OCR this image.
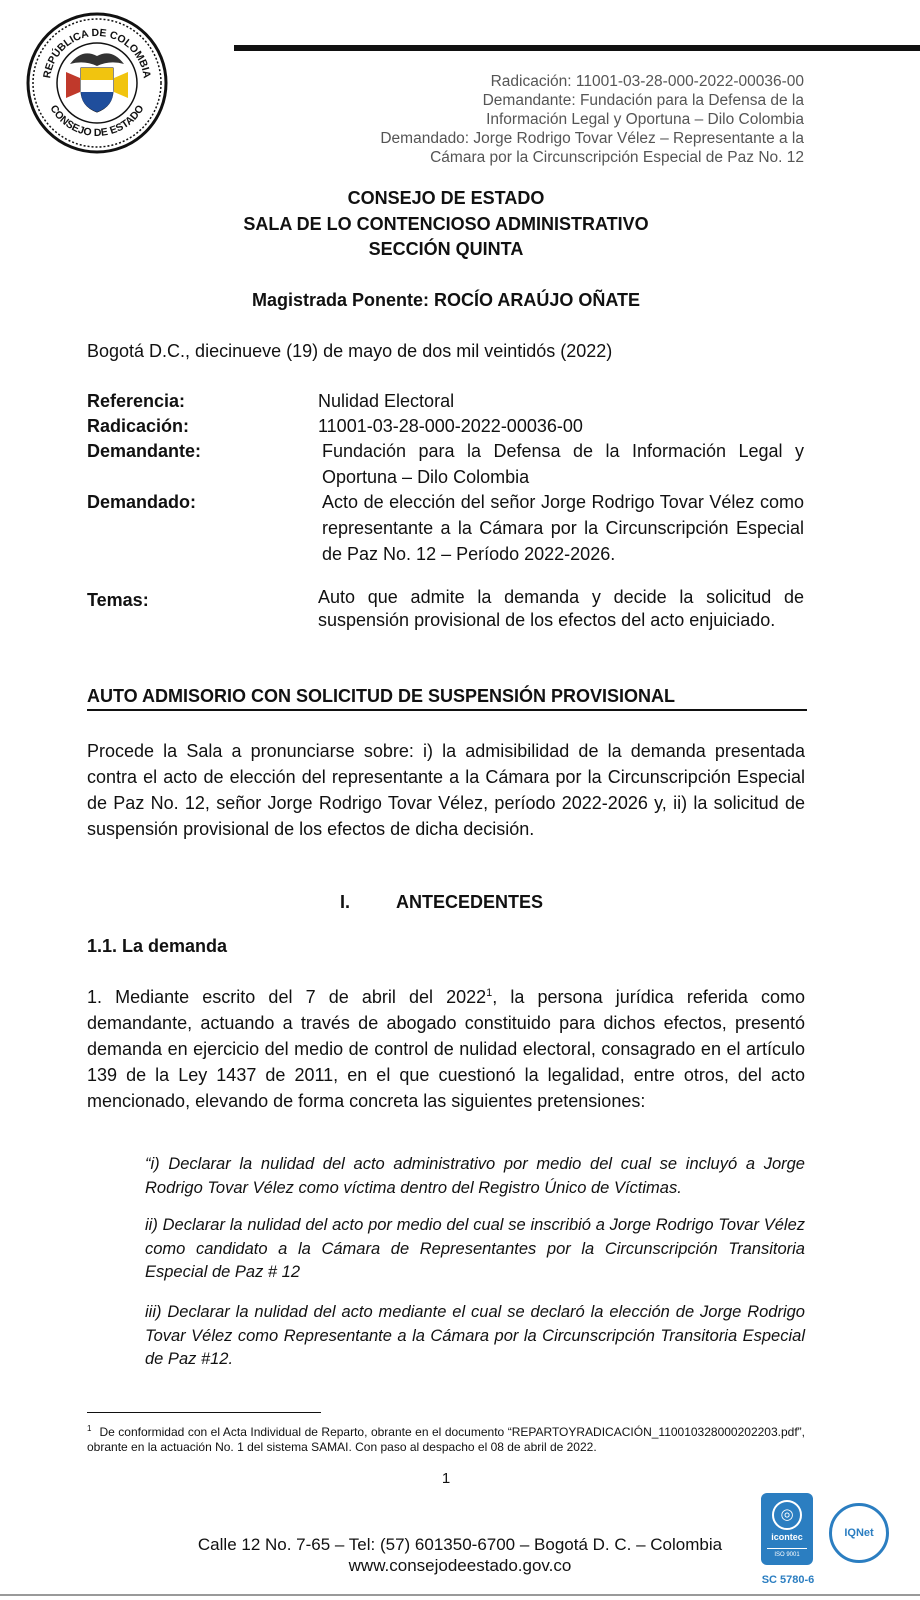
REPÚBLICA DE COLOMBIA
CONSEJO DE ESTADO
Radicación: 11001-03-28-000-2022-00036-00
Demandante: Fundación para la Defensa de la
Información Legal y Oportuna – Dilo Colombia
Demandado: Jorge Rodrigo Tovar Vélez – Representante a la
Cámara por la Circunscripción Especial de Paz No. 12
CONSEJO DE ESTADO
SALA DE LO CONTENCIOSO ADMINISTRATIVO
SECCIÓN QUINTA
Magistrada Ponente: ROCÍO ARAÚJO OÑATE
Bogotá D.C., diecinueve (19) de mayo de dos mil veintidós (2022)
Referencia:	Nulidad Electoral
Radicación:	11001-03-28-000-2022-00036-00
Demandante:	Fundación para la Defensa de la Información Legal y Oportuna – Dilo Colombia
Demandado:	Acto de elección del señor Jorge Rodrigo Tovar Vélez como representante a la Cámara por la Circunscripción Especial de Paz No. 12 – Período 2022-2026.
Temas:	Auto que admite la demanda y decide la solicitud de suspensión provisional de los efectos del acto enjuiciado.
AUTO ADMISORIO CON SOLICITUD DE SUSPENSIÓN PROVISIONAL
Procede la Sala a pronunciarse sobre: i) la admisibilidad de la demanda presentada contra el acto de elección del representante a la Cámara por la Circunscripción Especial de Paz No. 12, señor Jorge Rodrigo Tovar Vélez, período 2022-2026 y, ii) la solicitud de suspensión provisional de los efectos de dicha decisión.
I.	ANTECEDENTES
1.1. La demanda
1. Mediante escrito del 7 de abril del 2022$^1$, la persona jurídica referida como demandante, actuando a través de abogado constituido para dichos efectos, presentó demanda en ejercicio del medio de control de nulidad electoral, consagrado en el artículo 139 de la Ley 1437 de 2011, en el que cuestionó la legalidad, entre otros, del acto mencionado, elevando de forma concreta las siguientes pretensiones:
“i) Declarar la nulidad del acto administrativo por medio del cual se incluyó a Jorge Rodrigo Tovar Vélez como víctima dentro del Registro Único de Víctimas.
ii) Declarar la nulidad del acto por medio del cual se inscribió a Jorge Rodrigo Tovar Vélez como candidato a la Cámara de Representantes por la Circunscripción Transitoria Especial de Paz # 12
iii) Declarar la nulidad del acto mediante el cual se declaró la elección de Jorge Rodrigo Tovar Vélez como Representante a la Cámara por la Circunscripción Transitoria Especial de Paz #12.
$^1$ De conformidad con el Acta Individual de Reparto, obrante en el documento “REPARTOYRADICACIÓN_110010328000202203.pdf”, obrante en la actuación No. 1 del sistema SAMAI. Con paso al despacho el 08 de abril de 2022.
1
Calle 12 No. 7-65 – Tel: (57) 601350-6700 – Bogotá D. C. – Colombia
www.consejodeestado.gov.co
◎
icontec
ISO 9001
SC 5780-6
IQNet
